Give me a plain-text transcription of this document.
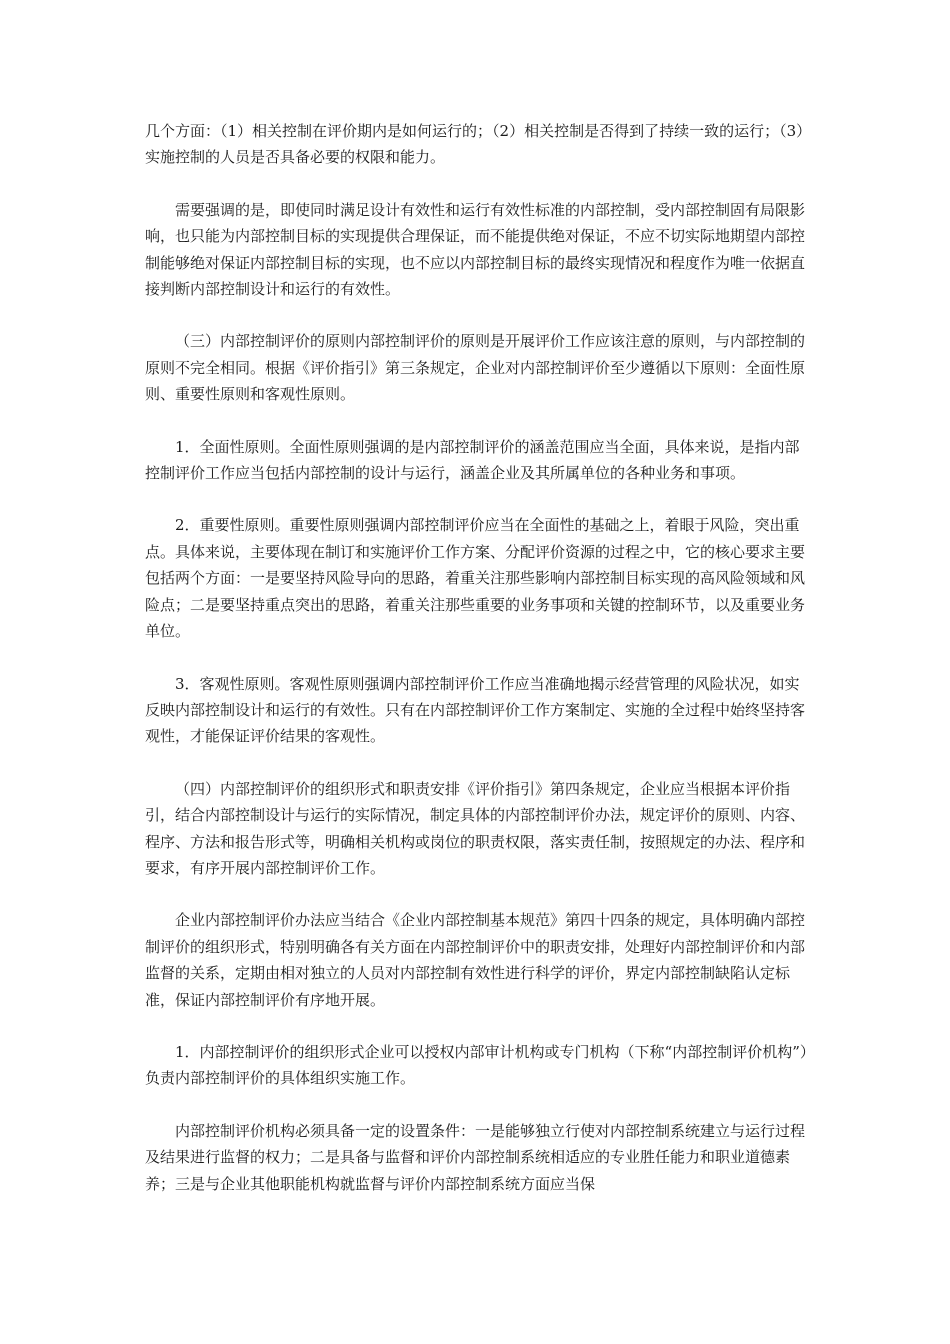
几个方面：（1）相关控制在评价期内是如何运行的；（2）相关控制是否得到了持续一致的运行；（3）实施控制的人员是否具备必要的权限和能力。

需要强调的是，即使同时满足设计有效性和运行有效性标准的内部控制，受内部控制固有局限影响，也只能为内部控制目标的实现提供合理保证，而不能提供绝对保证，不应不切实际地期望内部控制能够绝对保证内部控制目标的实现，也不应以内部控制目标的最终实现情况和程度作为唯一依据直接判断内部控制设计和运行的有效性。

（三）内部控制评价的原则内部控制评价的原则是开展评价工作应该注意的原则，与内部控制的原则不完全相同。根据《评价指引》第三条规定，企业对内部控制评价至少遵循以下原则：全面性原则、重要性原则和客观性原则。

1．全面性原则。全面性原则强调的是内部控制评价的涵盖范围应当全面，具体来说，是指内部控制评价工作应当包括内部控制的设计与运行，涵盖企业及其所属单位的各种业务和事项。

2．重要性原则。重要性原则强调内部控制评价应当在全面性的基础之上，着眼于风险，突出重点。具体来说，主要体现在制订和实施评价工作方案、分配评价资源的过程之中，它的核心要求主要包括两个方面：一是要坚持风险导向的思路，着重关注那些影响内部控制目标实现的高风险领域和风险点；二是要坚持重点突出的思路，着重关注那些重要的业务事项和关键的控制环节，以及重要业务单位。

3．客观性原则。客观性原则强调内部控制评价工作应当准确地揭示经营管理的风险状况，如实反映内部控制设计和运行的有效性。只有在内部控制评价工作方案制定、实施的全过程中始终坚持客观性，才能保证评价结果的客观性。

（四）内部控制评价的组织形式和职责安排《评价指引》第四条规定，企业应当根据本评价指引，结合内部控制设计与运行的实际情况，制定具体的内部控制评价办法，规定评价的原则、内容、程序、方法和报告形式等，明确相关机构或岗位的职责权限，落实责任制，按照规定的办法、程序和要求，有序开展内部控制评价工作。

企业内部控制评价办法应当结合《企业内部控制基本规范》第四十四条的规定，具体明确内部控制评价的组织形式，特别明确各有关方面在内部控制评价中的职责安排，处理好内部控制评价和内部监督的关系，定期由相对独立的人员对内部控制有效性进行科学的评价，界定内部控制缺陷认定标准，保证内部控制评价有序地开展。

1．内部控制评价的组织形式企业可以授权内部审计机构或专门机构（下称“内部控制评价机构”）负责内部控制评价的具体组织实施工作。

内部控制评价机构必须具备一定的设置条件：一是能够独立行使对内部控制系统建立与运行过程及结果进行监督的权力；二是具备与监督和评价内部控制系统相适应的专业胜任能力和职业道德素养；三是与企业其他职能机构就监督与评价内部控制系统方面应当保
